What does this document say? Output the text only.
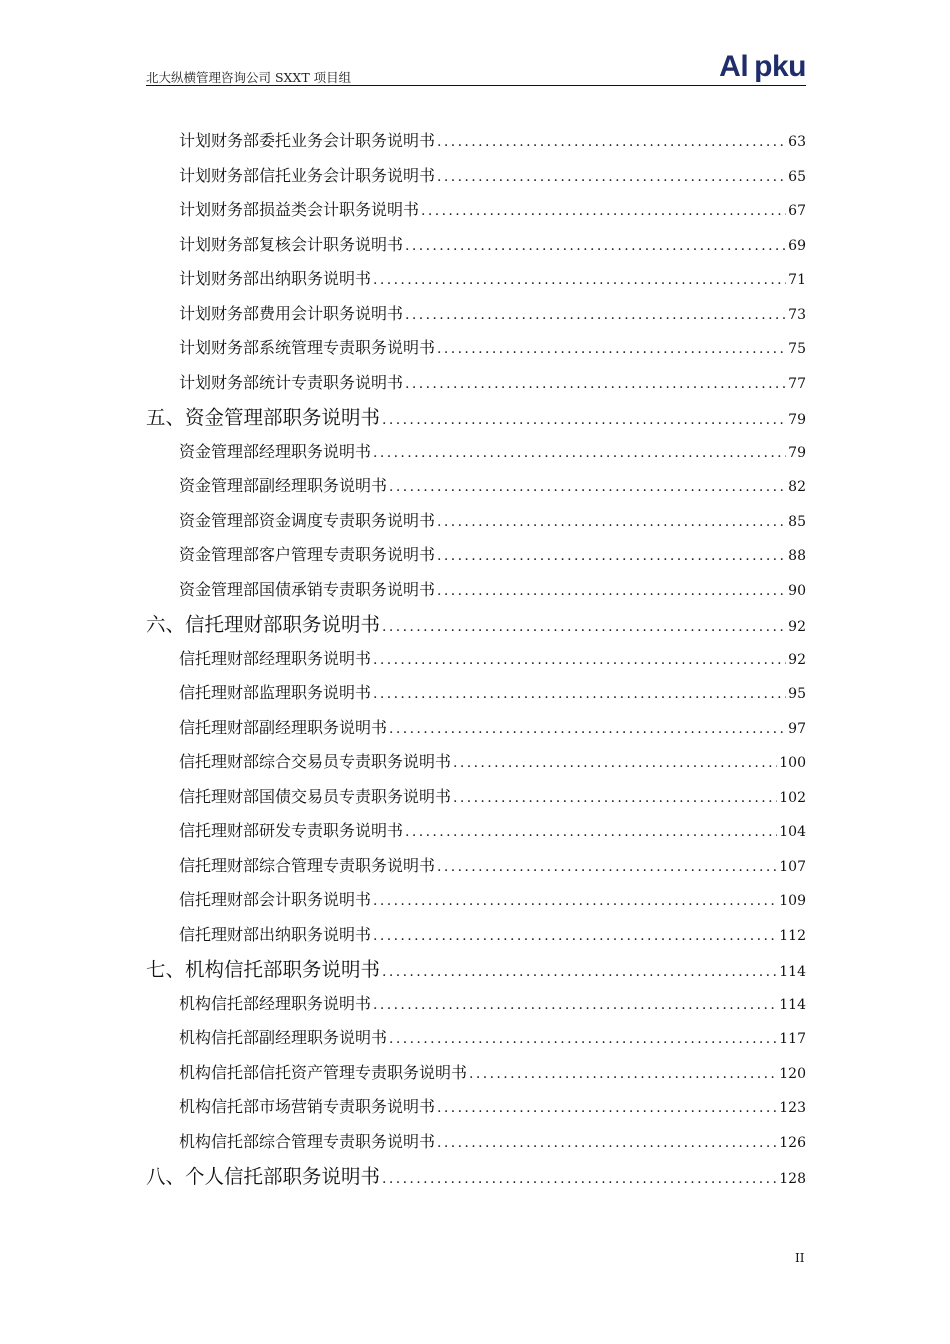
北大纵横管理咨询公司 SXXT 项目组	Al pku
计划财务部委托业务会计职务说明书 .....	63
计划财务部信托业务会计职务说明书 .....	65
计划财务部损益类会计职务说明书 .....	67
计划财务部复核会计职务说明书 .....	69
计划财务部出纳职务说明书 .....	71
计划财务部费用会计职务说明书 .....	73
计划财务部系统管理专责职务说明书 .....	75
计划财务部统计专责职务说明书 .....	77
五、资金管理部职务说明书 .....	79
资金管理部经理职务说明书 .....	79
资金管理部副经理职务说明书 .....	82
资金管理部资金调度专责职务说明书 .....	85
资金管理部客户管理专责职务说明书 .....	88
资金管理部国债承销专责职务说明书 .....	90
六、信托理财部职务说明书 .....	92
信托理财部经理职务说明书 .....	92
信托理财部监理职务说明书 .....	95
信托理财部副经理职务说明书 .....	97
信托理财部综合交易员专责职务说明书 .....	100
信托理财部国债交易员专责职务说明书 .....	102
信托理财部研发专责职务说明书 .....	104
信托理财部综合管理专责职务说明书 .....	107
信托理财部会计职务说明书 .....	109
信托理财部出纳职务说明书 .....	112
七、机构信托部职务说明书 .....	114
机构信托部经理职务说明书 .....	114
机构信托部副经理职务说明书 .....	117
机构信托部信托资产管理专责职务说明书 .....	120
机构信托部市场营销专责职务说明书 .....	123
机构信托部综合管理专责职务说明书 .....	126
八、个人信托部职务说明书 .....	128
II
